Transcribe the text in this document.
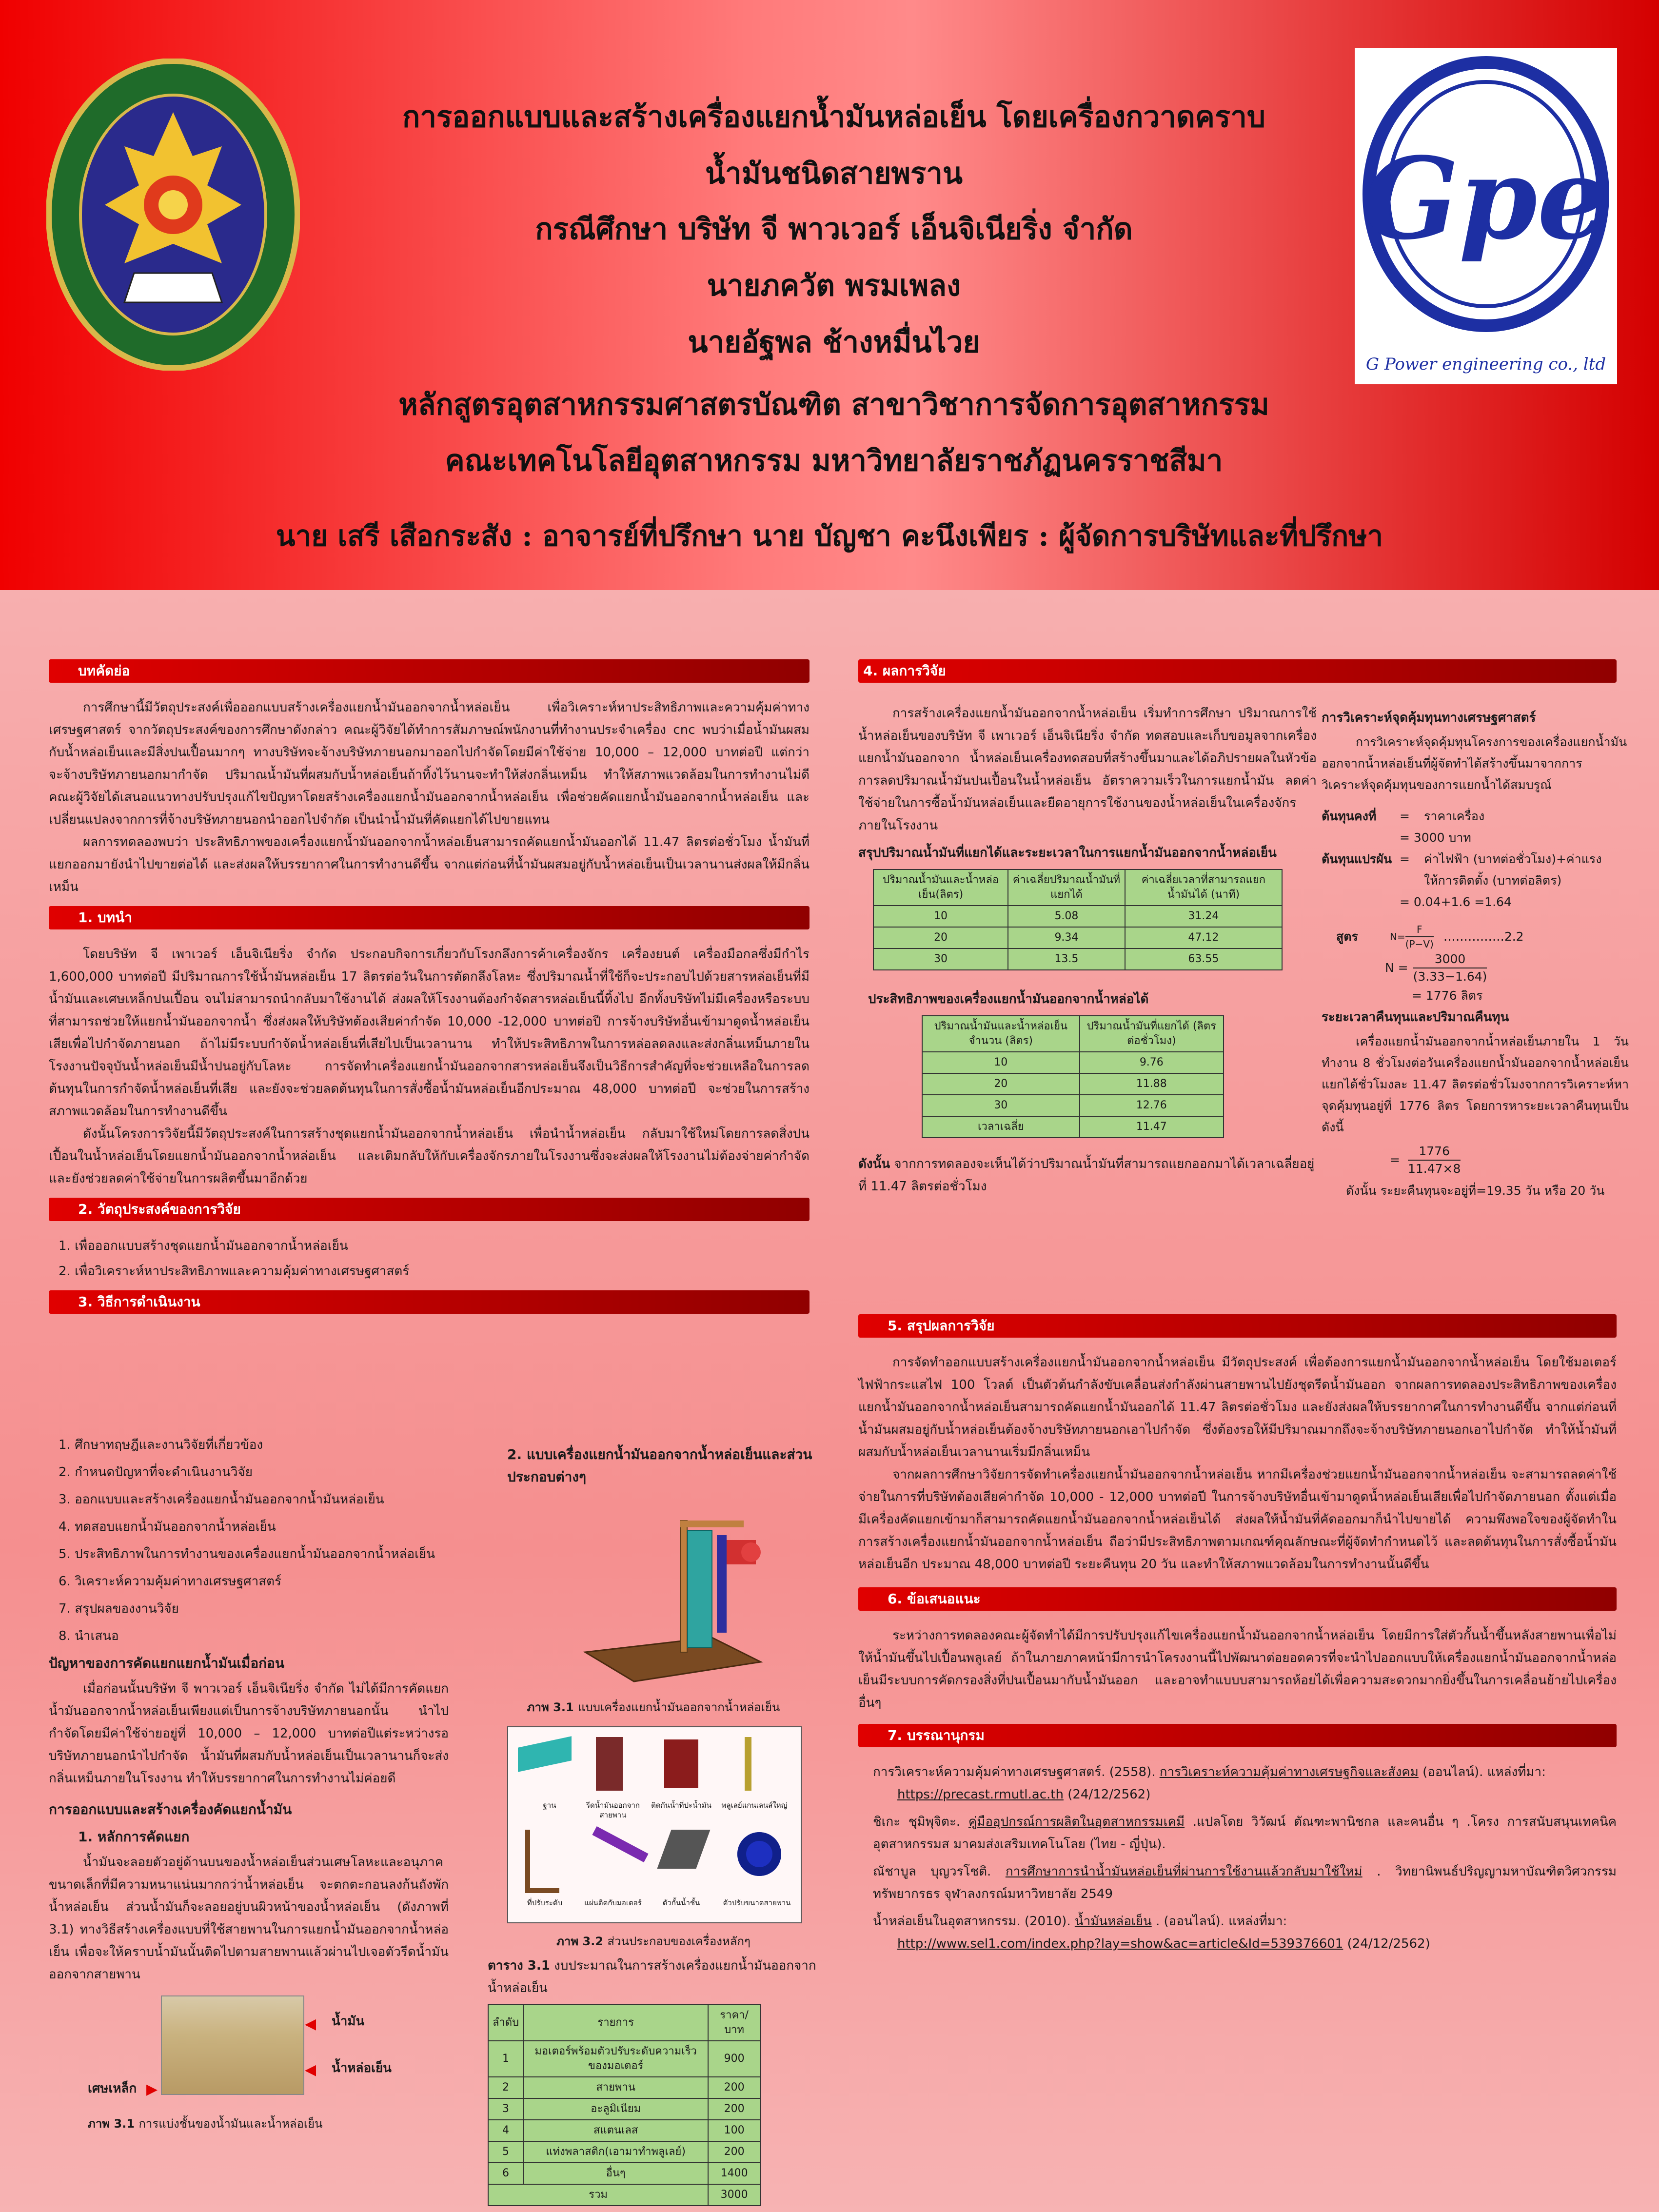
Gpe
G Power engineering co., ltd
การออกแบบและสร้างเครื่องแยกน้ำมันหล่อเย็น โดยเครื่องกวาดคราบ
น้ำมันชนิดสายพราน
กรณีศึกษา บริษัท จี พาวเวอร์ เอ็นจิเนียริ่ง จำกัด
นายภควัต พรมเพลง
นายอัฐพล ช้างหมื่นไวย
หลักสูตรอุตสาหกรรมศาสตรบัณฑิต สาขาวิชาการจัดการอุตสาหกรรม
คณะเทคโนโลยีอุตสาหกรรม มหาวิทยาลัยราชภัฏนครราชสีมา
นาย เสรี เสือกระสัง : อาจารย์ที่ปรึกษา นาย บัญชา คะนึงเพียร : ผู้จัดการบริษัทและที่ปรึกษา
บทคัดย่อ

การศึกษานี้มีวัตถุประสงค์เพื่อออกแบบสร้างเครื่องแยกน้ำมันออกจากน้ำหล่อเย็น เพื่อวิเคราะห์หาประสิทธิภาพและความคุ้มค่าทางเศรษฐศาสตร์ จากวัตถุประสงค์ของการศึกษาดังกล่าว คณะผู้วิจัยได้ทำการสัมภาษณ์พนักงานที่ทำงานประจำเครื่อง cnc พบว่าเมื่อน้ำมันผสมกับน้ำหล่อเย็นและมีสิ่งปนเปื้อนมากๆ ทางบริษัทจะจ้างบริษัทภายนอกมาออกไปกำจัดโดยมีค่าใช้จ่าย 10,000 – 12,000 บาทต่อปี แต่กว่าจะจ้างบริษัทภายนอกมากำจัด ปริมาณน้ำมันที่ผสมกับน้ำหล่อเย็นถ้าทิ้งไว้นานจะทำให้ส่งกลิ่นเหม็น ทำให้สภาพแวดล้อมในการทำงานไม่ดี คณะผู้วิจัยได้เสนอแนวทางปรับปรุงแก้ไขปัญหาโดยสร้างเครื่องแยกน้ำมันออกจากน้ำหล่อเย็น เพื่อช่วยคัดแยกน้ำมันออกจากน้ำหล่อเย็น และเปลี่ยนแปลงจากการที่จ้างบริษัทภายนอกนำออกไปจำกัด เป็นนำน้ำมันที่คัดแยกได้ไปขายแทน

ผลการทดลองพบว่า ประสิทธิภาพของเครื่องแยกน้ำมันออกจากน้ำหล่อเย็นสามารถคัดแยกน้ำมันออกได้ 11.47 ลิตรต่อชั่วโมง น้ำมันที่แยกออกมายังนำไปขายต่อได้ และส่งผลให้บรรยากาศในการทำงานดีขึ้น จากแต่ก่อนที่น้ำมันผสมอยู่กับน้ำหล่อเย็นเป็นเวลานานส่งผลให้มีกลิ่นเหม็น

1. บทนำ

โดยบริษัท จี เพาเวอร์ เอ็นจิเนียริ่ง จำกัด ประกอบกิจการเกี่ยวกับโรงกลึงการค้าเครื่องจักร เครื่องยนต์ เครื่องมือกลซึ่งมีกำไร 1,600,000 บาทต่อปี มีปริมาณการใช้น้ำมันหล่อเย็น 17 ลิตรต่อวันในการตัดกลึงโลหะ ซึ่งปริมาณน้ำที่ใช้ก็จะประกอบไปด้วยสารหล่อเย็นที่มีน้ำมันและเศษเหล็กปนเปื้อน จนไม่สามารถนำกลับมาใช้งานได้ ส่งผลให้โรงงานต้องกำจัดสารหล่อเย็นนี้ทิ้งไป อีกทั้งบริษัทไม่มีเครื่องหรือระบบที่สามารถช่วยให้แยกน้ำมันออกจากน้ำ ซึ่งส่งผลให้บริษัทต้องเสียค่ากำจัด 10,000 -12,000 บาทต่อปี การจ้างบริษัทอื่นเข้ามาดูดน้ำหล่อเย็นเสียเพื่อไปกำจัดภายนอก ถ้าไม่มีระบบกำจัดน้ำหล่อเย็นที่เสียไปเป็นเวลานาน ทำให้ประสิทธิภาพในการหล่อลดลงและส่งกลิ่นเหม็นภายในโรงงานปัจจุบันน้ำหล่อเย็นมีน้ำปนอยู่กับโลหะ การจัดทำเครื่องแยกน้ำมันออกจากสารหล่อเย็นจึงเป็นวิธีการสำคัญที่จะช่วยเหลือในการลดต้นทุนในการกำจัดน้ำหล่อเย็นที่เสีย และยังจะช่วยลดต้นทุนในการสั่งซื้อน้ำมันหล่อเย็นอีกประมาณ 48,000 บาทต่อปี จะช่วยในการสร้างสภาพแวดล้อมในการทำงานดีขึ้น

ดังนั้นโครงการวิจัยนี้มีวัตถุประสงค์ในการสร้างชุดแยกน้ำมันออกจากน้ำหล่อเย็น เพื่อนำน้ำหล่อเย็น กลับมาใช้ใหม่โดยการลดสิ่งปนเปื้อนในน้ำหล่อเย็นโดยแยกน้ำมันออกจากน้ำหล่อเย็น และเติมกลับให้กับเครื่องจักรภายในโรงงานซึ่งจะส่งผลให้โรงงานไม่ต้องจ่ายค่ากำจัด และยังช่วยลดค่าใช้จ่ายในการผลิตขึ้นมาอีกด้วย

2. วัตถุประสงค์ของการวิจัย
1. เพื่อออกแบบสร้างชุดแยกน้ำมันออกจากน้ำหล่อเย็น
2. เพื่อวิเคราะห์หาประสิทธิภาพและความคุ้มค่าทางเศรษฐศาสตร์
3. วิธีการดำเนินงาน
1. ศึกษาทฤษฎีและงานวิจัยที่เกี่ยวข้อง
2. กำหนดปัญหาที่จะดำเนินงานวิจัย
3. ออกแบบและสร้างเครื่องแยกน้ำมันออกจากน้ำมันหล่อเย็น
4. ทดสอบแยกน้ำมันออกจากน้ำหล่อเย็น
5. ประสิทธิภาพในการทำงานของเครื่องแยกน้ำมันออกจากน้ำหล่อเย็น
6. วิเคราะห์ความคุ้มค่าทางเศรษฐศาสตร์
7. สรุปผลของงานวิจัย
8. นำเสนอ
ปัญหาของการคัดแยกแยกน้ำมันเมื่อก่อน

เมื่อก่อนนั้นบริษัท จี พาวเวอร์ เอ็นจิเนียริ่ง จำกัด ไม่ได้มีการคัดแยกน้ำมันออกจากน้ำหล่อเย็นเพียงแต่เป็นการจ้างบริษัทภายนอกนั้น นำไปกำจัดโดยมีค่าใช้จ่ายอยู่ที่ 10,000 – 12,000 บาทต่อปีแต่ระหว่างรอบริษัทภายนอกนำไปกำจัด น้ำมันที่ผสมกับน้ำหล่อเย็นเป็นเวลานานก็จะส่งกลิ่นเหม็นภายในโรงงาน ทำให้บรรยากาศในการทำงานไม่ค่อยดี

การออกแบบและสร้างเครื่องคัดแยกน้ำมัน
1. หลักการคัดแยก

น้ำมันจะลอยตัวอยู่ด้านบนของน้ำหล่อเย็นส่วนเศษโลหะและอนุภาคขนาดเล็กที่มีความหนาแน่นมากกว่าน้ำหล่อเย็น จะตกตะกอนลงก้นถังพักน้ำหล่อเย็น ส่วนน้ำมันก็จะลอยอยู่บนผิวหน้าของน้ำหล่อเย็น (ดังภาพที่ 3.1) ทางวิธีสร้างเครื่องแบบที่ใช้สายพานในการแยกน้ำมันออกจากน้ำหล่อเย็น เพื่อจะให้คราบน้ำมันนั้นติดไปตามสายพานแล้วผ่านไปเจอตัวรีดน้ำมันออกจากสายพาน

◀ น้ำมัน
◀ น้ำหล่อเย็น
เศษเหล็ก ▶
ภาพ 3.1 การแบ่งชั้นของน้ำมันและน้ำหล่อเย็น
2. แบบเครื่องแยกน้ำมันออกจากน้ำหล่อเย็นและส่วนประกอบต่างๆ
ภาพ 3.1 แบบเครื่องแยกน้ำมันออกจากน้ำหล่อเย็น
ฐาน	รีดน้ำมันออกจากสายพาน
ติดกันน้ำที่ปะน้ำมัน	พลูเลย์แกนเลนส์ใหญ่
ที่ปรับระดับ	แผ่นติดกับมอเตอร์	ตัวกั้นน้ำชั้น	ตัวปรับขนาดสายพาน
ภาพ 3.2 ส่วนประกอบของเครื่องหลักๆ
ตาราง 3.1 งบประมาณในการสร้างเครื่องแยกน้ำมันออกจากน้ำหล่อเย็น
ลำดับ	รายการ	ราคา/บาท
1	มอเตอร์พร้อมตัวปรับระดับความเร็วของมอเตอร์	900
2	สายพาน	200
3	อะลูมิเนียม	200
4	สแตนเลส	100
5	แท่งพลาสติก(เอามาทำพลูเลย์)	200
6	อื่นๆ	1400
รวม		3000
4. ผลการวิจัย

การสร้างเครื่องแยกน้ำมันออกจากน้ำหล่อเย็น เริ่มทำการศึกษา ปริมาณการใช้น้ำหล่อเย็นของบริษัท จี เพาเวอร์ เอ็นจิเนียริ่ง จำกัด ทดสอบและเก็บขอมูลจากเครื่องแยกน้ำมันออกจาก น้ำหล่อเย็นเครื่องทดสอบที่สร้างขึ้นมาและได้อภิปรายผลในหัวข้อการลดปริมาณน้ำมันปนเปื้อนในน้ำหล่อเย็น อัตราความเร็วในการแยกน้ำมัน ลดค่าใช้จ่ายในการซื้อน้ำมันหล่อเย็นและยืดอายุการใช้งานของน้ำหล่อเย็นในเครื่องจักรภายในโรงงาน

สรุปปริมาณน้ำมันที่แยกได้และระยะเวลาในการแยกน้ำมันออกจากน้ำหล่อเย็น
ปริมาณน้ำมันและน้ำหล่อเย็น(ลิตร)	ค่าเฉลี่ยปริมาณน้ำมันที่แยกได้	ค่าเฉลี่ยเวลาที่สามารถแยกน้ำมันได้ (นาที)
10	5.08	31.24
20	9.34	47.12
30	13.5	63.55
ประสิทธิภาพของเครื่องแยกน้ำมันออกจากน้ำหล่อได้
ปริมาณน้ำมันและน้ำหล่อเย็นจำนวน (ลิตร)	ปริมาณน้ำมันที่แยกได้ (ลิตรต่อชั่วโมง)
10	9.76
20	11.88
30	12.76
เวลาเฉลี่ย	11.47
ดังนั้น จากการทดลองจะเห็นได้ว่าปริมาณน้ำมันที่สามารถแยกออกมาได้เวลาเฉลี่ยอยู่ที่ 11.47 ลิตรต่อชั่วโมง
การวิเคราะห์จุดคุ้มทุนทางเศรษฐศาสตร์

การวิเคราะห์จุดคุ้มทุนโครงการของเครื่องแยกน้ำมันออกจากน้ำหล่อเย็นที่ผู้จัดทำได้สร้างขึ้นมาจากการวิเคราะห์จุดคุ้มทุนของการแยกน้ำได้สมบรูณ์

ต้นทุนคงที่	=	ราคาเครื่อง
= 3000 บาท
ต้นทุนแปรผัน =	ค่าไฟฟ้า (บาทต่อชั่วโมง)+ค่าแรงให้การติดตั้ง (บาทต่อลิตร)
= 0.04+1.6 =1.64
สูตร	$N= \frac{F}{(P-V)}$ ……………2.2
$N = \frac{3000}{(3.33-1.64)}$
= 1776 ลิตร
ระยะเวลาคืนทุนและปริมาณคืนทุน

เครื่องแยกน้ำมันออกจากน้ำหล่อเย็นภายใน 1 วันทำงาน 8 ชั่วโมงต่อวันเครื่องแยกน้ำมันออกจากน้ำหล่อเย็นแยกได้ชั่วโมงละ 11.47 ลิตรต่อชั่วโมงจากการวิเคราะห์หาจุดคุ้มทุนอยู่ที่ 1776 ลิตร โดยการหาระยะเวลาคืนทุนเป็นดังนี้

= $\frac{1776}{11.47\times 8}$
ดังนั้น ระยะคืนทุนจะอยู่ที่=19.35 วัน หรือ 20 วัน
5. สรุปผลการวิจัย

การจัดทำออกแบบสร้างเครื่องแยกน้ำมันออกจากน้ำหล่อเย็น มีวัตถุประสงค์ เพื่อต้องการแยกน้ำมันออกจากน้ำหล่อเย็น โดยใช้มอเตอร์ไฟฟ้ากระแสไฟ 100 โวลต์ เป็นตัวต้นกำลังขับเคลื่อนส่งกำลังผ่านสายพานไปยังชุดรีดน้ำมันออก จากผลการทดลองประสิทธิภาพของเครื่องแยกน้ำมันออกจากน้ำหล่อเย็นสามารถคัดแยกน้ำมันออกได้ 11.47 ลิตรต่อชั่วโมง และยังส่งผลให้บรรยากาศในการทำงานดีขึ้น จากแต่ก่อนที่น้ำมันผสมอยู่กับน้ำหล่อเย็นต้องจ้างบริษัทภายนอกเอาไปกำจัด ซึ่งต้องรอให้มีปริมาณมากถึงจะจ้างบริษัทภายนอกเอาไปกำจัด ทำให้น้ำมันที่ผสมกับน้ำหล่อเย็นเวลานานเริ่มมีกลิ่นเหม็น

จากผลการศึกษาวิจัยการจัดทำเครื่องแยกน้ำมันออกจากน้ำหล่อเย็น หากมีเครื่องช่วยแยกน้ำมันออกจากน้ำหล่อเย็น จะสามารถลดค่าใช้จ่ายในการที่บริษัทต้องเสียค่ากำจัด 10,000 - 12,000 บาทต่อปี ในการจ้างบริษัทอื่นเข้ามาดูดน้ำหล่อเย็นเสียเพื่อไปกำจัดภายนอก ตั้งแต่เมื่อมีเครื่องคัดแยกเข้ามาก็สามารถคัดแยกน้ำมันออกจากน้ำหล่อเย็นได้ ส่งผลให้น้ำมันที่คัดออกมาก็นำไปขายได้ ความพึงพอใจของผู้จัดทำในการสร้างเครื่องแยกน้ำมันออกจากน้ำหล่อเย็น ถือว่ามีประสิทธิภาพตามเกณฑ์คุณลักษณะที่ผู้จัดทำกำหนดไว้ และลดต้นทุนในการสั่งซื้อน้ำมันหล่อเย็นอีก ประมาณ 48,000 บาทต่อปี ระยะคืนทุน 20 วัน และทำให้สภาพแวดล้อมในการทำงานนั้นดีขึ้น

6. ข้อเสนอแนะ

ระหว่างการทดลองคณะผู้จัดทำได้มีการปรับปรุงแก้ไขเครื่องแยกน้ำมันออกจากน้ำหล่อเย็น โดยมีการใส่ตัวกั้นน้ำขึ้นหลังสายพานเพื่อไม่ให้น้ำมันขึ้นไปเปื้อนพลูเลย์ ถ้าในภายภาคหน้ามีการนำโครงงานนี้ไปพัฒนาต่อยอดควรที่จะนำไปออกแบบให้เครื่องแยกน้ำมันออกจากน้ำหล่อเย็นมีระบบการคัดกรองสิ่งที่ปนเปื้อนมากับน้ำมันออก และอาจทำแบบบสามารถห้อยได้เพื่อความสะดวกมากยิ่งขึ้นในการเคลื่อนย้ายไปเครื่องอื่นๆ

7. บรรณานุกรม

การวิเคราะห์ความคุ้มค่าทางเศรษฐศาสตร์. (2558). การวิเคราะห์ความคุ้มค่าทางเศรษฐกิจและสังคม (ออนไลน์). แหล่งที่มา:
https://precast.rmutl.ac.th (24/12/2562)

ชิเกะ ชุมิพุจิตะ. คู่มืออุปกรณ์การผลิตในอุตสาหกรรมเคมี .แปลโดย วิวัฒน์ ตัณฑะพานิชกล และคนอื่น ๆ .โครง การสนับสนุนเทคนิคอุตสาหกรรมส มาคมส่งเสริมเทคโนโลย (ไทย - ญี่ปุ่น).

ณัชาบูล บุญวรโชติ. การศึกษาการนำน้ำมันหล่อเย็นที่ผ่านการใช้งานแล้วกลับมาใช้ใหม่ . วิทยานิพนธ์ปริญญามหาบัณฑิตวิศวกรรมทรัพยากรธร จุฬาลงกรณ์มหาวิทยาลัย 2549

น้ำหล่อเย็นในอุตสาหกรรม. (2010). น้ำมันหล่อเย็น . (ออนไลน์). แหล่งที่มา:
http://www.sel1.com/index.php?lay=show&ac=article&Id=539376601 (24/12/2562)
